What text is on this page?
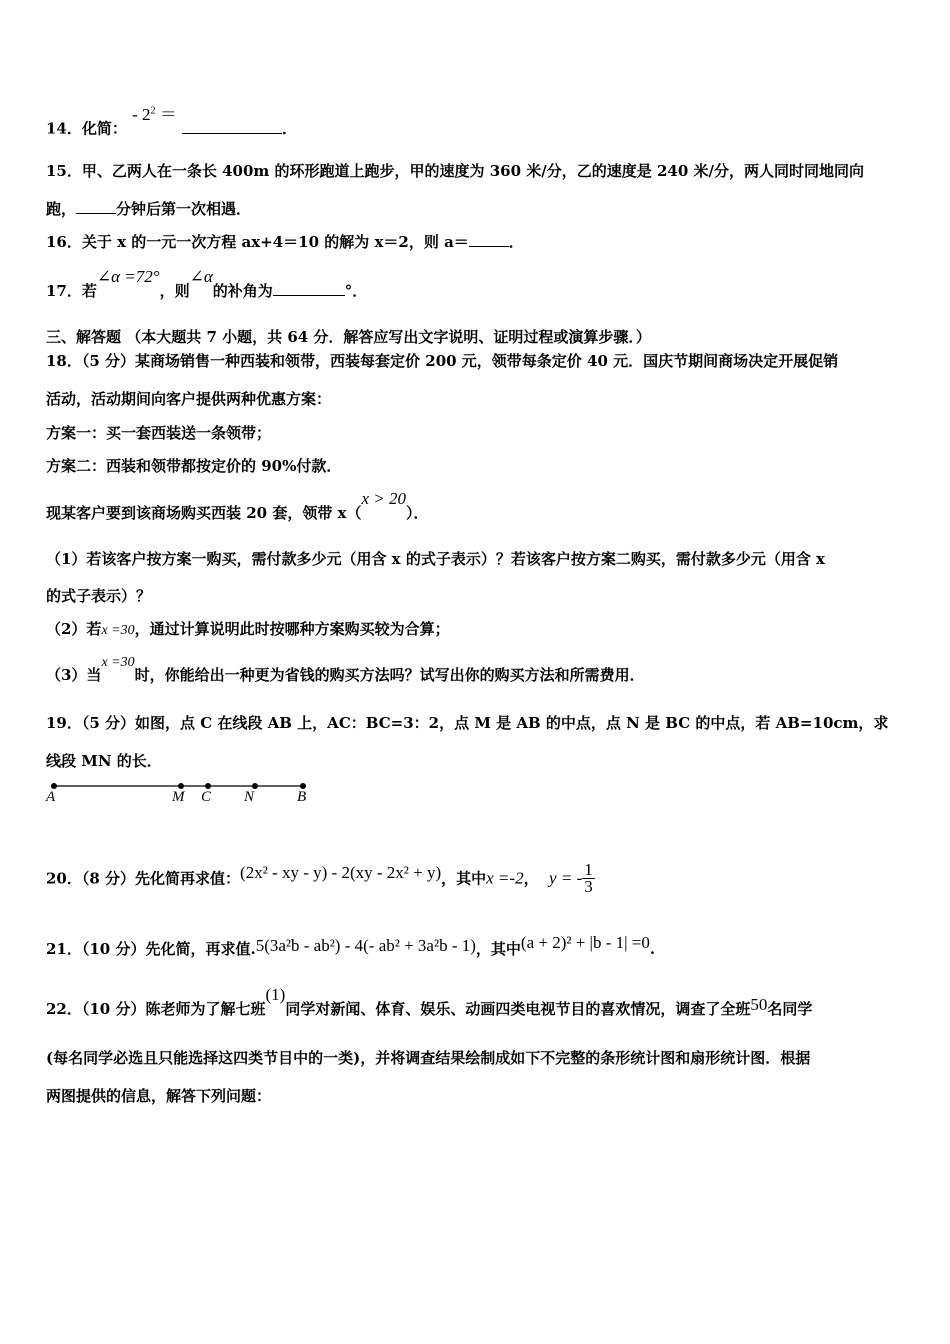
14．化简： - $2^2$ ＝ ．
15．甲、乙两人在一条长 400m 的环形跑道上跑步，甲的速度为 360 米/分，乙的速度是 240 米/分，两人同时同地同向
跑，	分钟后第一次相遇．
16．关于 x 的一元一次方程 ax+4＝10 的解为 x＝2，则 a＝	．
17．若∠α =72°，则∠α的补角为	°．
三、解答题 （本大题共 7 小题，共 64 分．解答应写出文字说明、证明过程或演算步骤．）
18．（5 分）某商场销售一种西装和领带，西装每套定价 200 元，领带每条定价 40 元．国庆节期间商场决定开展促销
活动，活动期间向客户提供两种优惠方案：
方案一：买一套西装送一条领带；
方案二：西装和领带都按定价的 90%付款．
现某客户要到该商场购买西装 20 套，领带 x（x > 20）．
（1）若该客户按方案一购买，需付款多少元（用含 x 的式子表示）？若该客户按方案二购买，需付款多少元（用含 x
的式子表示）？
（2）若x =30，通过计算说明此时按哪种方案购买较为合算；
（3）当x =30时，你能给出一种更为省钱的购买方法吗？试写出你的购买方法和所需费用．
19．（5 分）如图，点 C 在线段 AB 上，AC：BC=3：2，点 M 是 AB 的中点，点 N 是 BC 的中点，若 AB=10cm，求
线段 MN 的长．
A	M C N	B
20．（8 分）先化简再求值：(2x² - xy - y) - 2(xy - 2x² + y)，其中x =-2， y = - $\frac{1}{3}$
21．（10 分）先化简，再求值.5(3a²b - ab²) - 4(- ab² + 3a²b - 1)，其中(a + 2)² + |b - 1| =0.
22．（10 分）陈老师为了解七班(1)同学对新闻、体育、娱乐、动画四类电视节目的喜欢情况，调查了全班50名同学
(每名同学必选且只能选择这四类节目中的一类)，并将调查结果绘制成如下不完整的条形统计图和扇形统计图．根据
两图提供的信息，解答下列问题：
